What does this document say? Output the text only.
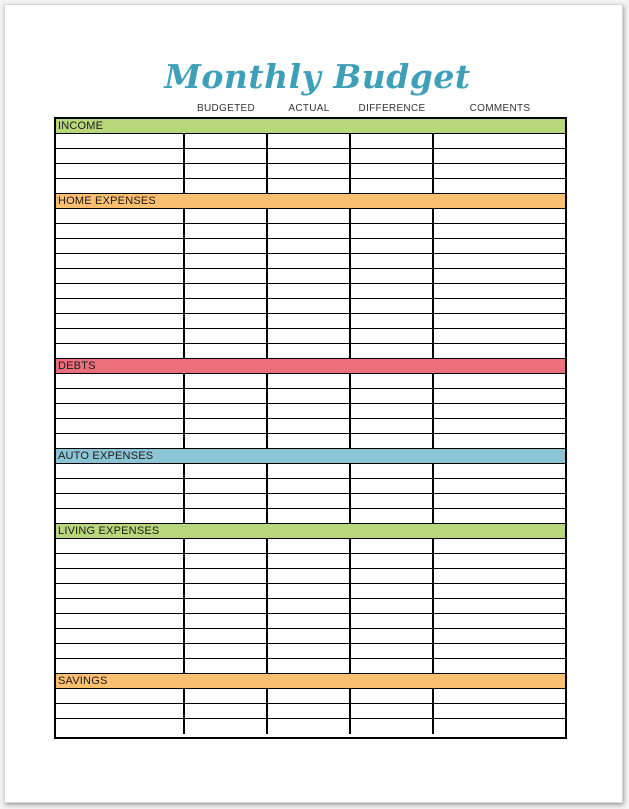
Monthly Budget
BUDGETED	ACTUAL	DIFFERENCE	COMMENTS
INCOME
HOME EXPENSES
DEBTS
AUTO EXPENSES
LIVING EXPENSES
SAVINGS
